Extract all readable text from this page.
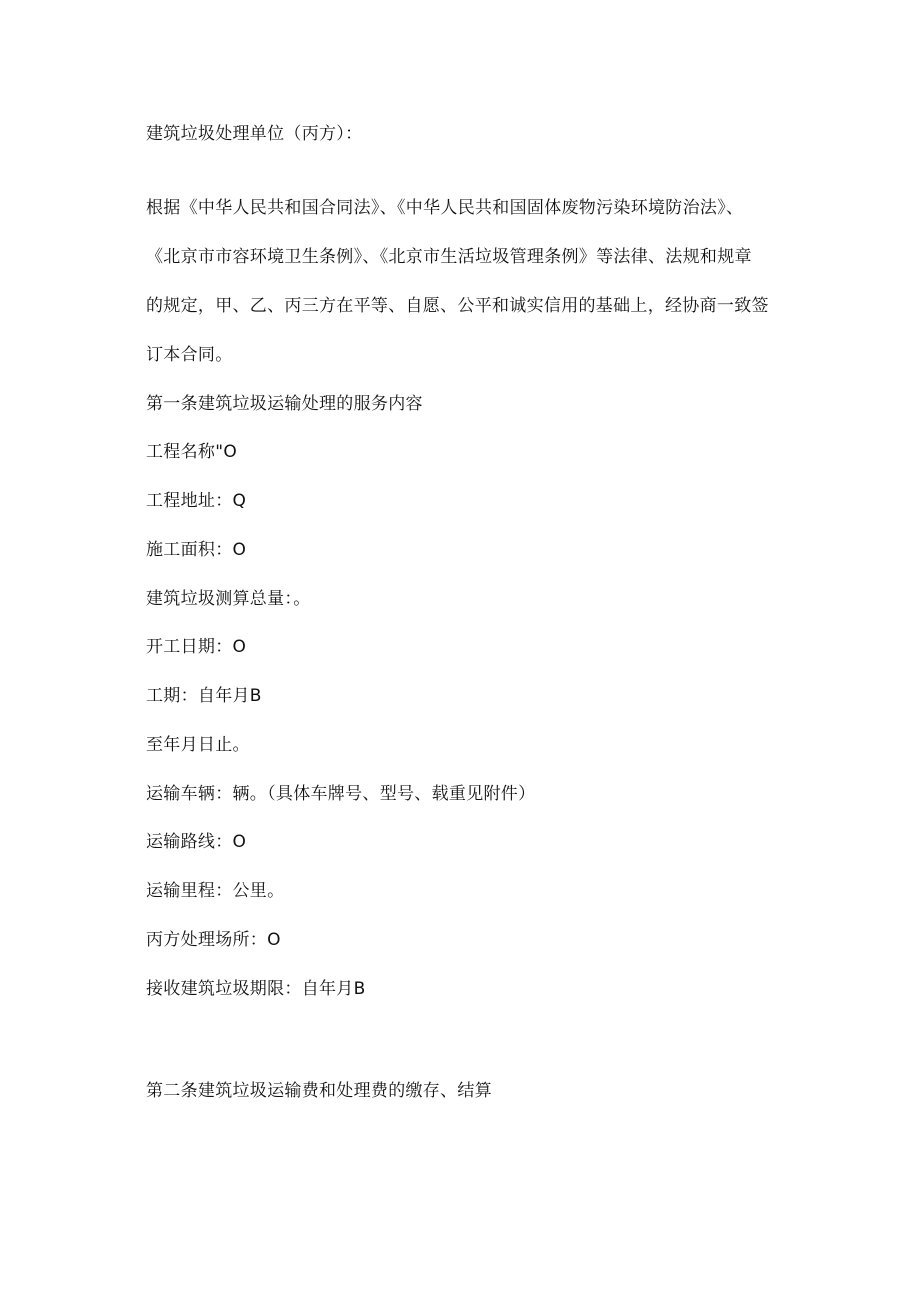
建筑垃圾处理单位（丙方）：
根据《中华人民共和国合同法》、《中华人民共和国固体废物污染环境防治法》、
《北京市市容环境卫生条例》、《北京市生活垃圾管理条例》等法律、法规和规章
的规定，甲、乙、丙三方在平等、自愿、公平和诚实信用的基础上，经协商一致签
订本合同。
第一条建筑垃圾运输处理的服务内容
工程名称"O
工程地址：Q
施工面积：O
建筑垃圾测算总量：。
开工日期：O
工期：自年月B
至年月日止。
运输车辆：辆。（具体车牌号、型号、载重见附件）
运输路线：O
运输里程：公里。
丙方处理场所：O
接收建筑垃圾期限：自年月B
第二条建筑垃圾运输费和处理费的缴存、结算
